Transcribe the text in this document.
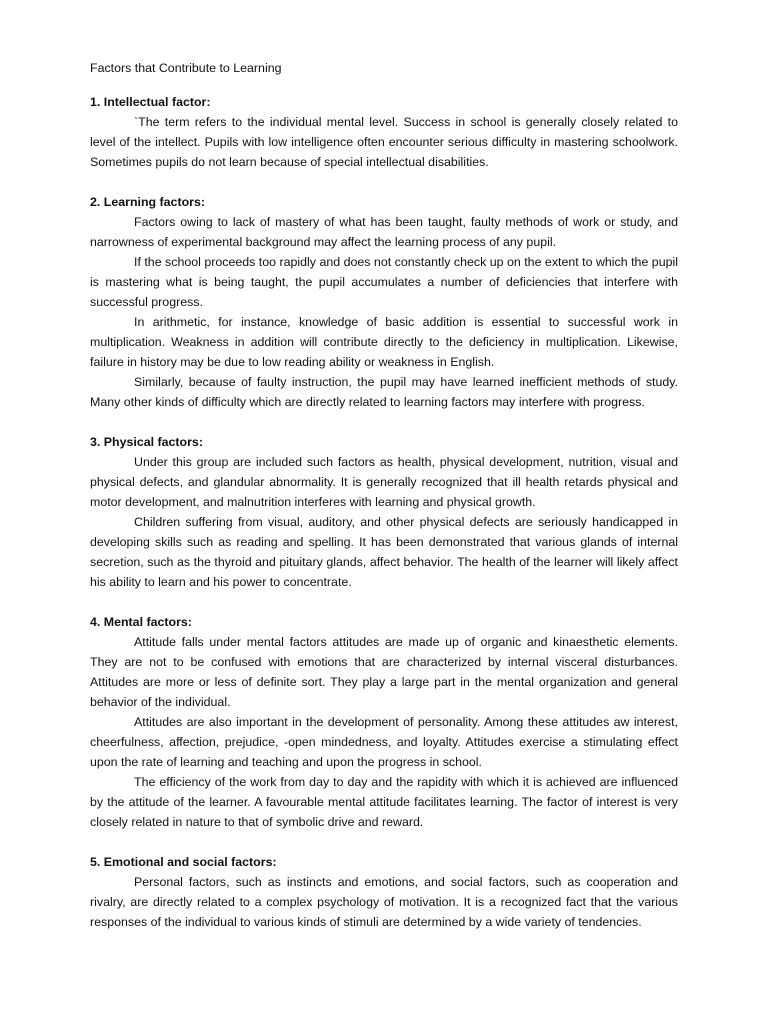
Factors that Contribute to Learning

1. Intellectual factor:

`The term refers to the individual mental level. Success in school is generally closely related to level of the intellect. Pupils with low intelligence often encounter serious difficulty in mastering schoolwork. Sometimes pupils do not learn because of special intellectual disabilities.

2. Learning factors:

Factors owing to lack of mastery of what has been taught, faulty methods of work or study, and narrowness of experimental background may affect the learning process of any pupil.

If the school proceeds too rapidly and does not constantly check up on the extent to which the pupil is mastering what is being taught, the pupil accumulates a number of deficiencies that interfere with successful progress.

In arithmetic, for instance, knowledge of basic addition is essential to successful work in multiplication. Weakness in addition will contribute directly to the deficiency in multiplication. Likewise, failure in history may be due to low reading ability or weakness in English.

Similarly, because of faulty instruction, the pupil may have learned inefficient methods of study. Many other kinds of difficulty which are directly related to learning factors may interfere with progress.

3. Physical factors:

Under this group are included such factors as health, physical development, nutrition, visual and physical defects, and glandular abnormality. It is generally recognized that ill health retards physical and motor development, and malnutrition interferes with learning and physical growth.

Children suffering from visual, auditory, and other physical defects are seriously handicapped in developing skills such as reading and spelling. It has been demonstrated that various glands of internal secretion, such as the thyroid and pituitary glands, affect behavior. The health of the learner will likely affect his ability to learn and his power to concentrate.

4. Mental factors:

Attitude falls under mental factors attitudes are made up of organic and kinaesthetic elements. They are not to be confused with emotions that are characterized by internal visceral disturbances. Attitudes are more or less of definite sort. They play a large part in the mental organization and general behavior of the individual.

Attitudes are also important in the development of personality. Among these attitudes aw interest, cheerfulness, affection, prejudice, -open mindedness, and loyalty. Attitudes exercise a stimulating effect upon the rate of learning and teaching and upon the progress in school.

The efficiency of the work from day to day and the rapidity with which it is achieved are influenced by the attitude of the learner. A favourable mental attitude facilitates learning. The factor of interest is very closely related in nature to that of symbolic drive and reward.

5. Emotional and social factors:

Personal factors, such as instincts and emotions, and social factors, such as cooperation and rivalry, are directly related to a complex psychology of motivation. It is a recognized fact that the various responses of the individual to various kinds of stimuli are determined by a wide variety of tendencies.
